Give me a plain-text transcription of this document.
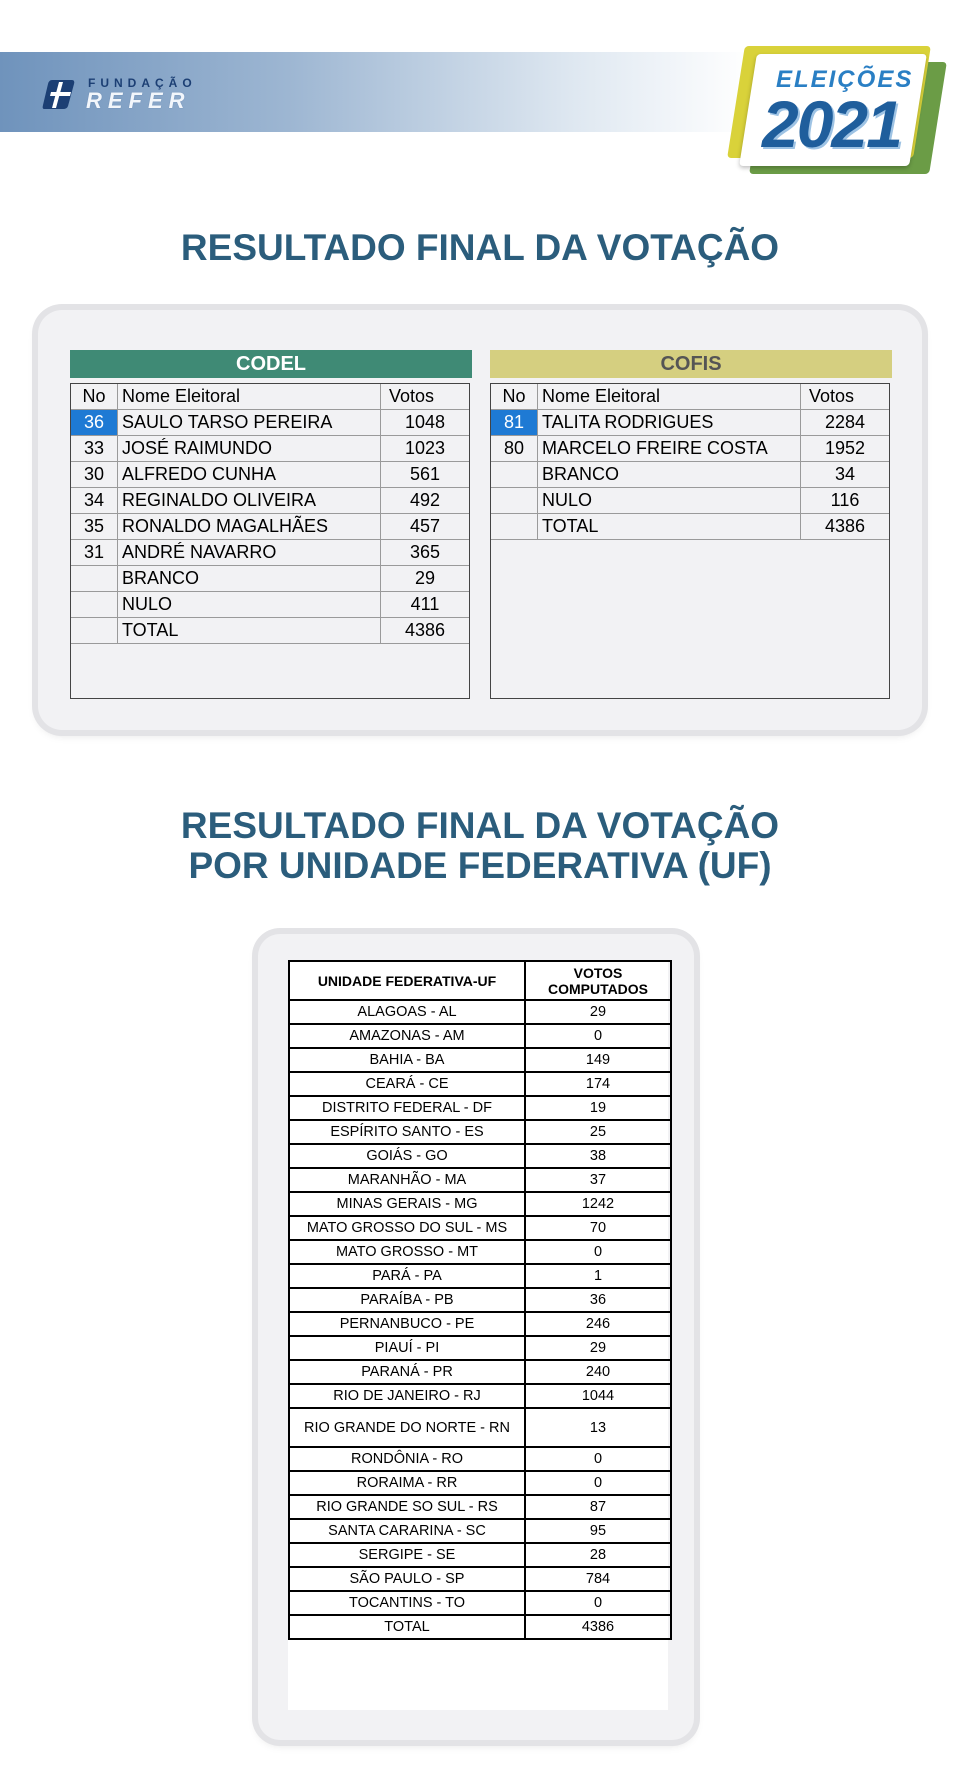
FUNDAÇÃO
REFER
ELEIÇÕES
2021
RESULTADO FINAL DA VOTAÇÃO
CODEL	COFIS
No	Nome Eleitoral	Votos
36	SAULO TARSO PEREIRA	1048
33	JOSÉ RAIMUNDO	1023
30	ALFREDO CUNHA	561
34	REGINALDO OLIVEIRA	492
35	RONALDO MAGALHÃES	457
31	ANDRÉ NAVARRO	365
	BRANCO	29
	NULO	411
	TOTAL	4386
No	Nome Eleitoral	Votos
81	TALITA RODRIGUES	2284
80	MARCELO FREIRE COSTA	1952
	BRANCO	34
	NULO	116
	TOTAL	4386
RESULTADO FINAL DA VOTAÇÃO
POR UNIDADE FEDERATIVA (UF)
UNIDADE FEDERATIVA-UF	VOTOS
COMPUTADOS
ALAGOAS - AL	29
AMAZONAS - AM	0
BAHIA - BA	149
CEARÁ - CE	174
DISTRITO FEDERAL - DF	19
ESPÍRITO SANTO - ES	25
GOIÁS - GO	38
MARANHÃO - MA	37
MINAS GERAIS - MG	1242
MATO GROSSO DO SUL - MS	70
MATO GROSSO - MT	0
PARÁ - PA	1
PARAÍBA - PB	36
PERNANBUCO - PE	246
PIAUÍ - PI	29
PARANÁ - PR	240
RIO DE JANEIRO - RJ	1044
RIO GRANDE DO NORTE - RN	13
RONDÔNIA - RO	0
RORAIMA - RR	0
RIO GRANDE SO SUL - RS	87
SANTA CARARINA - SC	95
SERGIPE - SE	28
SÃO PAULO - SP	784
TOCANTINS - TO	0
TOTAL	4386
